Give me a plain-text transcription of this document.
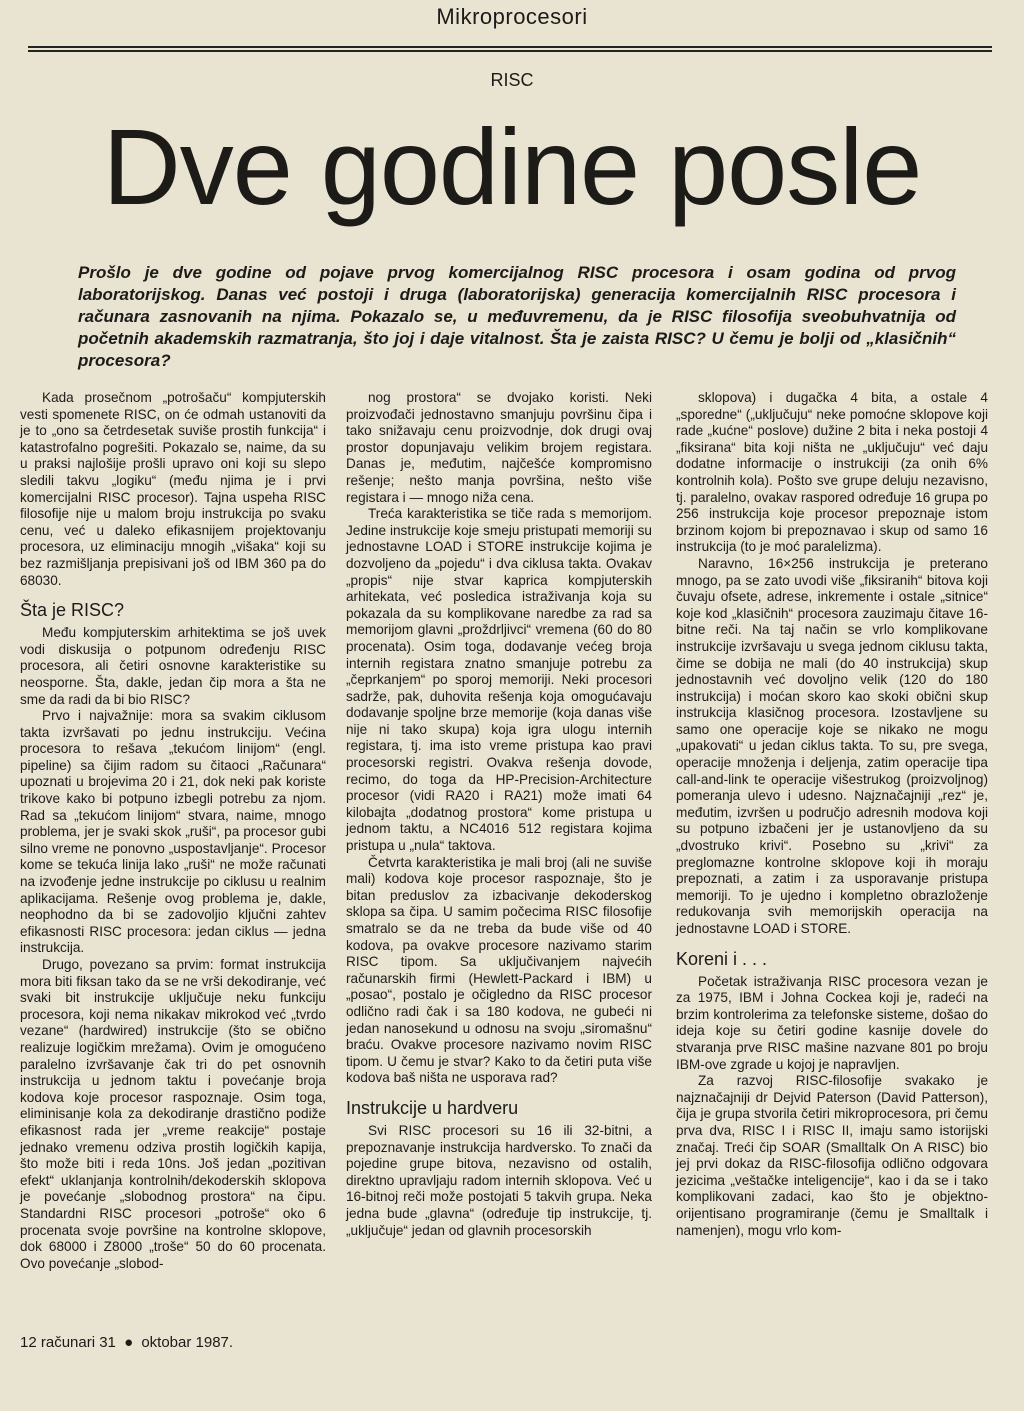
Mikroprocesori
RISC
Dve godine posle

Prošlo je dve godine od pojave prvog komercijalnog RISC procesora i osam godina od prvog laboratorijskog. Danas već postoji i druga (laboratorijska) generacija komercijalnih RISC procesora i računara zasnovanih na njima. Pokazalo se, u međuvremenu, da je RISC filosofija sveobuhvatnija od početnih akademskih razmatranja, što joj i daje vitalnost. Šta je zaista RISC? U čemu je bolji od „klasičnih“ procesora?

Kada prosečnom „potrošaču“ kompjuterskih vesti spomenete RISC, on će odmah ustanoviti da je to „ono sa četrdesetak suviše prostih funkcija“ i katastrofalno pogrešiti. Pokazalo se, naime, da su u praksi najlošije prošli upravo oni koji su slepo sledili takvu „logiku“ (među njima je i prvi komercijalni RISC procesor). Tajna uspeha RISC filosofije nije u malom broju instrukcija po svaku cenu, već u daleko efikasnijem projektovanju procesora, uz eliminaciju mnogih „višaka“ koji su bez razmišljanja prepisivani još od IBM 360 pa do 68030.

Šta je RISC?

Među kompjuterskim arhitektima se još uvek vodi diskusija o potpunom određenju RISC procesora, ali četiri osnovne karakteristike su neosporne. Šta, dakle, jedan čip mora a šta ne sme da radi da bi bio RISC?

Prvo i najvažnije: mora sa svakim ciklusom takta izvršavati po jednu instrukciju. Većina procesora to rešava „tekućom linijom“ (engl. pipeline) sa čijim radom su čitaoci „Računara“ upoznati u brojevima 20 i 21, dok neki pak koriste trikove kako bi potpuno izbegli potrebu za njom. Rad sa „tekućom linijom“ stvara, naime, mnogo problema, jer je svaki skok „ruši“, pa procesor gubi silno vreme ne ponovno „uspostavljanje“. Procesor kome se tekuća linija lako „ruši“ ne može računati na izvođenje jedne instrukcije po ciklusu u realnim aplikacijama. Rešenje ovog problema je, dakle, neophodno da bi se zadovoljio ključni zahtev efikasnosti RISC procesora: jedan ciklus — jedna instrukcija.

Drugo, povezano sa prvim: format instrukcija mora biti fiksan tako da se ne vrši dekodiranje, već svaki bit instrukcije uključuje neku funkciju procesora, koji nema nikakav mikrokod već „tvrdo vezane“ (hardwired) instrukcije (što se obično realizuje logičkim mrežama). Ovim je omogućeno paralelno izvršavanje čak tri do pet osnovnih instrukcija u jednom taktu i povećanje broja kodova koje procesor raspoznaje. Osim toga, eliminisanje kola za dekodiranje drastično podiže efikasnost rada jer „vreme reakcije“ postaje jednako vremenu odziva prostih logičkih kapija, što može biti i reda 10ns. Još jedan „pozitivan efekt“ uklanjanja kontrolnih/dekoderskih sklopova je povećanje „slobodnog prostora“ na čipu. Standardni RISC procesori „potroše“ oko 6 procenata svoje površine na kontrolne sklopove, dok 68000 i Z8000 „troše“ 50 do 60 procenata. Ovo povećanje „slobod-

nog prostora“ se dvojako koristi. Neki proizvođači jednostavno smanjuju površinu čipa i tako snižavaju cenu proizvodnje, dok drugi ovaj prostor dopunjavaju velikim brojem registara. Danas je, međutim, najčešće kompromisno rešenje; nešto manja površina, nešto više registara i — mnogo niža cena.

Treća karakteristika se tiče rada s memorijom. Jedine instrukcije koje smeju pristupati memoriji su jednostavne LOAD i STORE instrukcije kojima je dozvoljeno da „pojedu“ i dva ciklusa takta. Ovakav „propis“ nije stvar kaprica kompjuterskih arhitekata, već posledica istraživanja koja su pokazala da su komplikovane naredbe za rad sa memorijom glavni „proždrljivci“ vremena (60 do 80 procenata). Osim toga, dodavanje većeg broja internih registara znatno smanjuje potrebu za „čeprkanjem“ po sporoj memoriji. Neki procesori sadrže, pak, duhovita rešenja koja omogućavaju dodavanje spoljne brze memorije (koja danas više nije ni tako skupa) koja igra ulogu internih registara, tj. ima isto vreme pristupa kao pravi procesorski registri. Ovakva rešenja dovode, recimo, do toga da HP-Precision-Architecture procesor (vidi RA20 i RA21) može imati 64 kilobajta „dodatnog prostora“ kome pristupa u jednom taktu, a NC4016 512 registara kojima pristupa u „nula“ taktova.

Četvrta karakteristika je mali broj (ali ne suviše mali) kodova koje procesor raspoznaje, što je bitan preduslov za izbacivanje dekoderskog sklopa sa čipa. U samim počecima RISC filosofije smatralo se da ne treba da bude više od 40 kodova, pa ovakve procesore nazivamo starim RISC tipom. Sa uključivanjem najvećih računarskih firmi (Hewlett-Packard i IBM) u „posao“, postalo je očigledno da RISC procesor odlično radi čak i sa 180 kodova, ne gubeći ni jedan nanosekund u odnosu na svoju „siromašnu“ braću. Ovakve procesore nazivamo novim RISC tipom. U čemu je stvar? Kako to da četiri puta više kodova baš ništa ne usporava rad?

Instrukcije u hardveru

Svi RISC procesori su 16 ili 32-bitni, a prepoznavanje instrukcija hardversko. To znači da pojedine grupe bitova, nezavisno od ostalih, direktno upravljaju radom internih sklopova. Već u 16-bitnoj reči može postojati 5 takvih grupa. Neka jedna bude „glavna“ (određuje tip instrukcije, tj. „uključuje“ jedan od glavnih procesorskih

sklopova) i dugačka 4 bita, a ostale 4 „sporedne“ („uključuju“ neke pomoćne sklopove koji rade „kućne“ poslove) dužine 2 bita i neka postoji 4 „fiksirana“ bita koji ništa ne „uključuju“ već daju dodatne informacije o instrukciji (za onih 6% kontrolnih kola). Pošto sve grupe deluju nezavisno, tj. paralelno, ovakav raspored određuje 16 grupa po 256 instrukcija koje procesor prepoznaje istom brzinom kojom bi prepoznavao i skup od samo 16 instrukcija (to je moć paralelizma).

Naravno, 16×256 instrukcija je preterano mnogo, pa se zato uvodi više „fiksiranih“ bitova koji čuvaju ofsete, adrese, inkremente i ostale „sitnice“ koje kod „klasičnih“ procesora zauzimaju čitave 16-bitne reči. Na taj način se vrlo komplikovane instrukcije izvršavaju u svega jednom ciklusu takta, čime se dobija ne mali (do 40 instrukcija) skup jednostavnih već dovoljno velik (120 do 180 instrukcija) i moćan skoro kao skoki obični skup instrukcija klasičnog procesora. Izostavljene su samo one operacije koje se nikako ne mogu „upakovati“ u jedan ciklus takta. To su, pre svega, operacije množenja i deljenja, zatim operacije tipa call-and-link te operacije višestrukog (proizvoljnog) pomeranja ulevo i udesno. Najznačajniji „rez“ je, međutim, izvršen u područjo adresnih modova koji su potpuno izbačeni jer je ustanovljeno da su „dvostruko krivi“. Posebno su „krivi“ za preglomazne kontrolne sklopove koji ih moraju prepoznati, a zatim i za usporavanje pristupa memoriji. To je ujedno i kompletno obrazloženje redukovanja svih memorijskih operacija na jednostavne LOAD i STORE.

Koreni i . . .

Početak istraživanja RISC procesora vezan je za 1975, IBM i Johna Cockea koji je, radeći na brzim kontrolerima za telefonske sisteme, došao do ideja koje su četiri godine kasnije dovele do stvaranja prve RISC mašine nazvane 801 po broju IBM-ove zgrade u kojoj je napravljen.

Za razvoj RISC-filosofije svakako je najznačajniji dr Dejvid Paterson (David Patterson), čija je grupa stvorila četiri mikroprocesora, pri čemu prva dva, RISC I i RISC II, imaju samo istorijski značaj. Treći čip SOAR (Smalltalk On A RISC) bio jej prvi dokaz da RISC-filosofija odlično odgovara jezicima „veštačke inteligencije“, kao i da se i tako komplikovani zadaci, kao što je objektno-orijentisano programiranje (čemu je Smalltalk i namenjen), mogu vrlo kom-

12 računari 31 ● oktobar 1987.
